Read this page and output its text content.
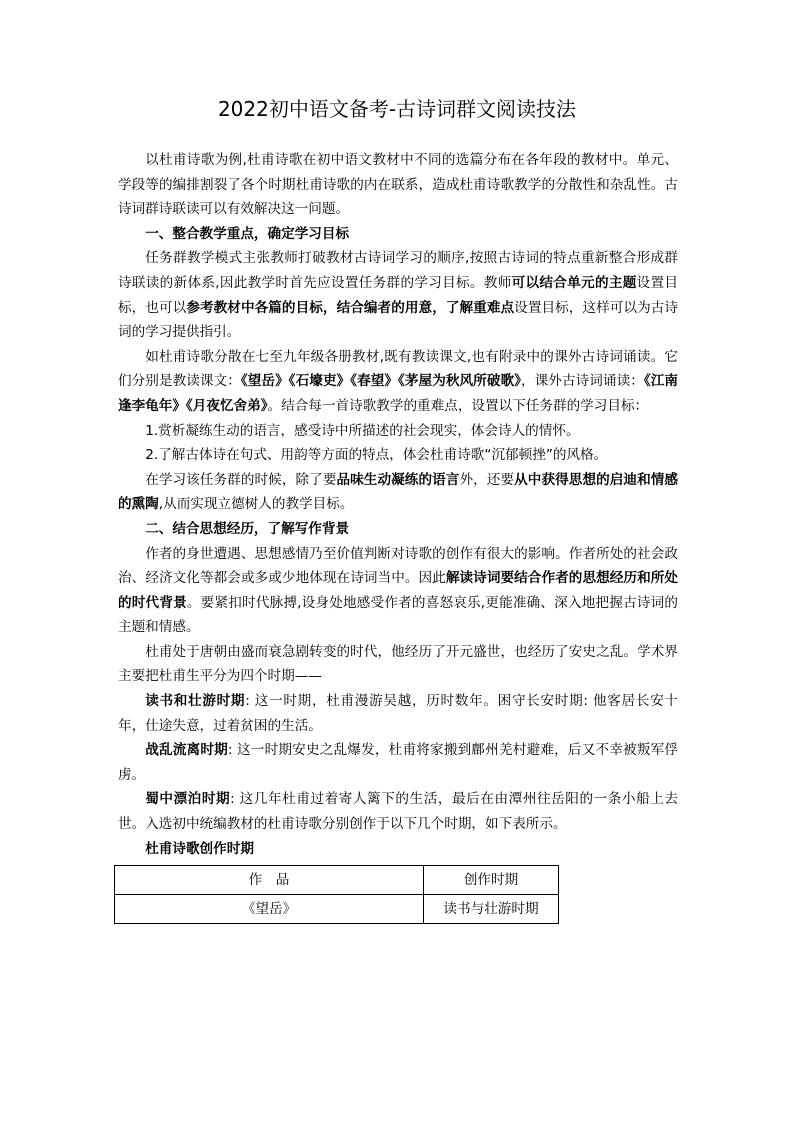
2022初中语文备考-古诗词群文阅读技法

以杜甫诗歌为例,杜甫诗歌在初中语文教材中不同的选篇分布在各年段的教材中。单元、学段等的编排割裂了各个时期杜甫诗歌的内在联系，造成杜甫诗歌教学的分散性和杂乱性。古诗词群诗联读可以有效解决这一问题。

一、整合教学重点，确定学习目标

任务群教学模式主张教师打破教材古诗词学习的顺序,按照古诗词的特点重新整合形成群诗联读的新体系,因此教学时首先应设置任务群的学习目标。教师可以结合单元的主题设置目标，也可以参考教材中各篇的目标，结合编者的用意，了解重难点设置目标，这样可以为古诗词的学习提供指引。

如杜甫诗歌分散在七至九年级各册教材,既有教读课文,也有附录中的课外古诗词诵读。它们分别是教读课文：《望岳》《石壕吏》《春望》《茅屋为秋风所破歌》，课外古诗词诵读：《江南逢李龟年》《月夜忆舍弟》。结合每一首诗歌教学的重难点，设置以下任务群的学习目标：

1.赏析凝练生动的语言，感受诗中所描述的社会现实，体会诗人的情怀。

2.了解古体诗在句式、用韵等方面的特点，体会杜甫诗歌“沉郁顿挫”的风格。

在学习该任务群的时候，除了要品味生动凝练的语言外，还要从中获得思想的启迪和情感的熏陶,从而实现立德树人的教学目标。

二、结合思想经历，了解写作背景

作者的身世遭遇、思想感情乃至价值判断对诗歌的创作有很大的影响。作者所处的社会政治、经济文化等都会或多或少地体现在诗词当中。因此解读诗词要结合作者的思想经历和所处的时代背景。要紧扣时代脉搏,设身处地感受作者的喜怒哀乐,更能准确、深入地把握古诗词的主题和情感。

杜甫处于唐朝由盛而衰急剧转变的时代，他经历了开元盛世，也经历了安史之乱。学术界主要把杜甫生平分为四个时期——

读书和壮游时期: 这一时期，杜甫漫游吴越，历时数年。困守长安时期: 他客居长安十年，仕途失意，过着贫困的生活。

战乱流离时期: 这一时期安史之乱爆发，杜甫将家搬到鄜州羌村避难，后又不幸被叛军俘虏。

蜀中漂泊时期: 这几年杜甫过着寄人篱下的生活，最后在由潭州往岳阳的一条小船上去世。入选初中统编教材的杜甫诗歌分别创作于以下几个时期，如下表所示。

杜甫诗歌创作时期

作　品	创作时期
《望岳》	读书与壮游时期
